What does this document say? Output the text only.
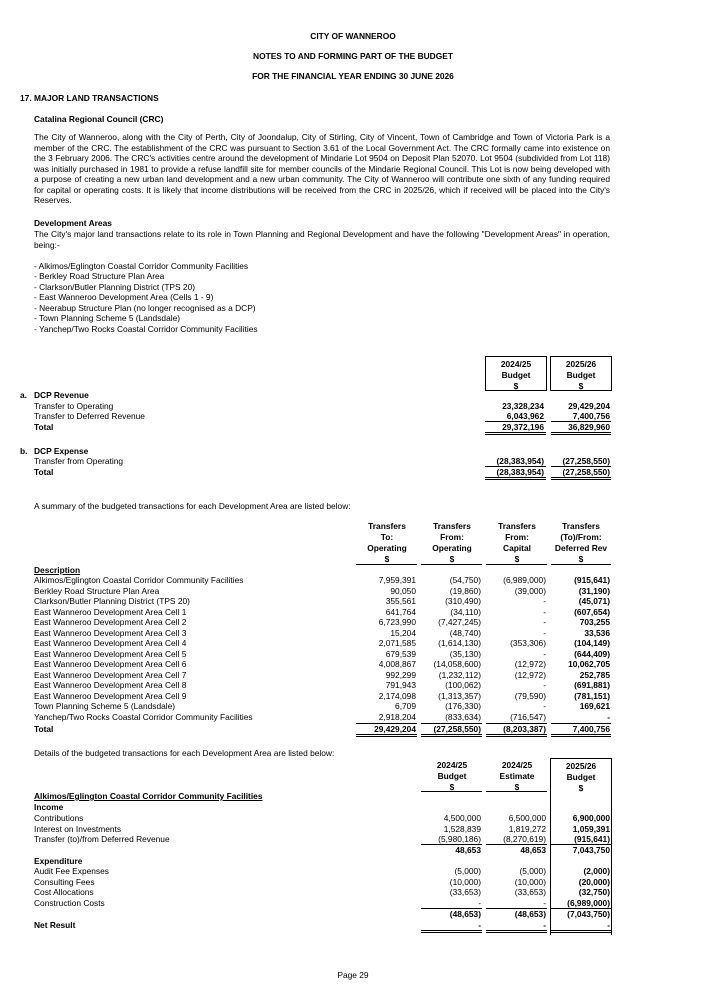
CITY OF WANNEROO
NOTES TO AND FORMING PART OF THE BUDGET
FOR THE FINANCIAL YEAR ENDING 30 JUNE 2026
17. MAJOR LAND TRANSACTIONS
Catalina Regional Council (CRC)
The City of Wanneroo, along with the City of Perth, City of Joondalup, City of Stirling, City of Vincent, Town of Cambridge and Town of Victoria Park is a member of the CRC. The establishment of the CRC was pursuant to Section 3.61 of the Local Government Act. The CRC formally came into existence on the 3 February 2006. The CRC's activities centre around the development of Mindarie Lot 9504 on Deposit Plan 52070. Lot 9504 (subdivided from Lot 118) was initially purchased in 1981 to provide a refuse landfill site for member councils of the Mindarie Regional Council. This Lot is now being developed with a purpose of creating a new urban land development and a new urban community. The City of Wanneroo will contribute one sixth of any funding required for capital or operating costs. It is likely that income distributions will be received from the CRC in 2025/26, which if received will be placed into the City's Reserves.
Development Areas
The City's major land transactions relate to its role in Town Planning and Regional Development and have the following "Development Areas" in operation, being:-
- Alkimos/Eglington Coastal Corridor Community Facilities
- Berkley Road Structure Plan Area
- Clarkson/Butler Planning District (TPS 20)
- East Wanneroo Development Area (Cells 1 - 9)
- Neerabup Structure Plan (no longer recognised as a DCP)
- Town Planning Scheme 5 (Landsdale)
- Yanchep/Two Rocks Coastal Corridor Community Facilities
2024/25
Budget
$
2025/26
Budget
$
a. DCP Revenue
Transfer to Operating	23,328,234	29,429,204
Transfer to Deferred Revenue	6,043,962	7,400,756
Total	29,372,196	36,829,960
b. DCP Expense
Transfer from Operating	(28,383,954) (27,258,550)
Total	(28,383,954) (27,258,550)
A summary of the budgeted transactions for each Development Area are listed below:
Transfers
To:
Operating
$
Transfers
From:
Operating
$
Transfers
From:
Capital
$
Transfers
(To)/From:
Deferred Rev
$
Description
Alkimos/Eglington Coastal Corridor Community Facilities	7,959,391	(54,750)	(6,989,000)	(915,641)
Berkley Road Structure Plan Area	90,050	(19,860)	(39,000)	(31,190)
Clarkson/Butler Planning District (TPS 20)	355,561	(310,490)	-	(45,071)
East Wanneroo Development Area Cell 1	641,764	(34,110)	-	(607,654)
East Wanneroo Development Area Cell 2	6,723,990	(7,427,245)	-	703,255
East Wanneroo Development Area Cell 3	15,204	(48,740)	-	33,536
East Wanneroo Development Area Cell 4	2,071,585	(1,614,130)	(353,306)	(104,149)
East Wanneroo Development Area Cell 5	679,539	(35,130)	-	(644,409)
East Wanneroo Development Area Cell 6	4,008,867 (14,058,600)	(12,972)	10,062,705
East Wanneroo Development Area Cell 7	992,299	(1,232,112)	(12,972)	252,785
East Wanneroo Development Area Cell 8	791,943	(100,062)	-	(691,881)
East Wanneroo Development Area Cell 9	2,174,098	(1,313,357)	(79,590)	(781,151)
Town Planning Scheme 5 (Landsdale)	6,709	(176,330)	-	169,621
Yanchep/Two Rocks Coastal Corridor Community Facilities	2,918,204	(833,634)	(716,547)	-
Total	29,429,204 (27,258,550)	(8,203,387)	7,400,756
Details of the budgeted transactions for each Development Area are listed below:
2024/25
Budget
$
2024/25
Estimate
$
2025/26
Budget
$
Alkimos/Eglington Coastal Corridor Community Facilities
Income
Contributions	4,500,000	6,500,000	6,900,000
Interest on Investments	1,528,839	1,819,272	1,059,391
Transfer (to)/from Deferred Revenue	(5,980,186)	(8,270,619)	(915,641)
48,653	48,653	7,043,750
Expenditure
Audit Fee Expenses	(5,000)	(5,000)	(2,000)
Consulting Fees	(10,000)	(10,000)	(20,000)
Cost Allocations	(33,653)	(33,653)	(32,750)
Construction Costs	-	-	(6,989,000)
(48,653)	(48,653)	(7,043,750)
Net Result	-	-	-
Page 29
